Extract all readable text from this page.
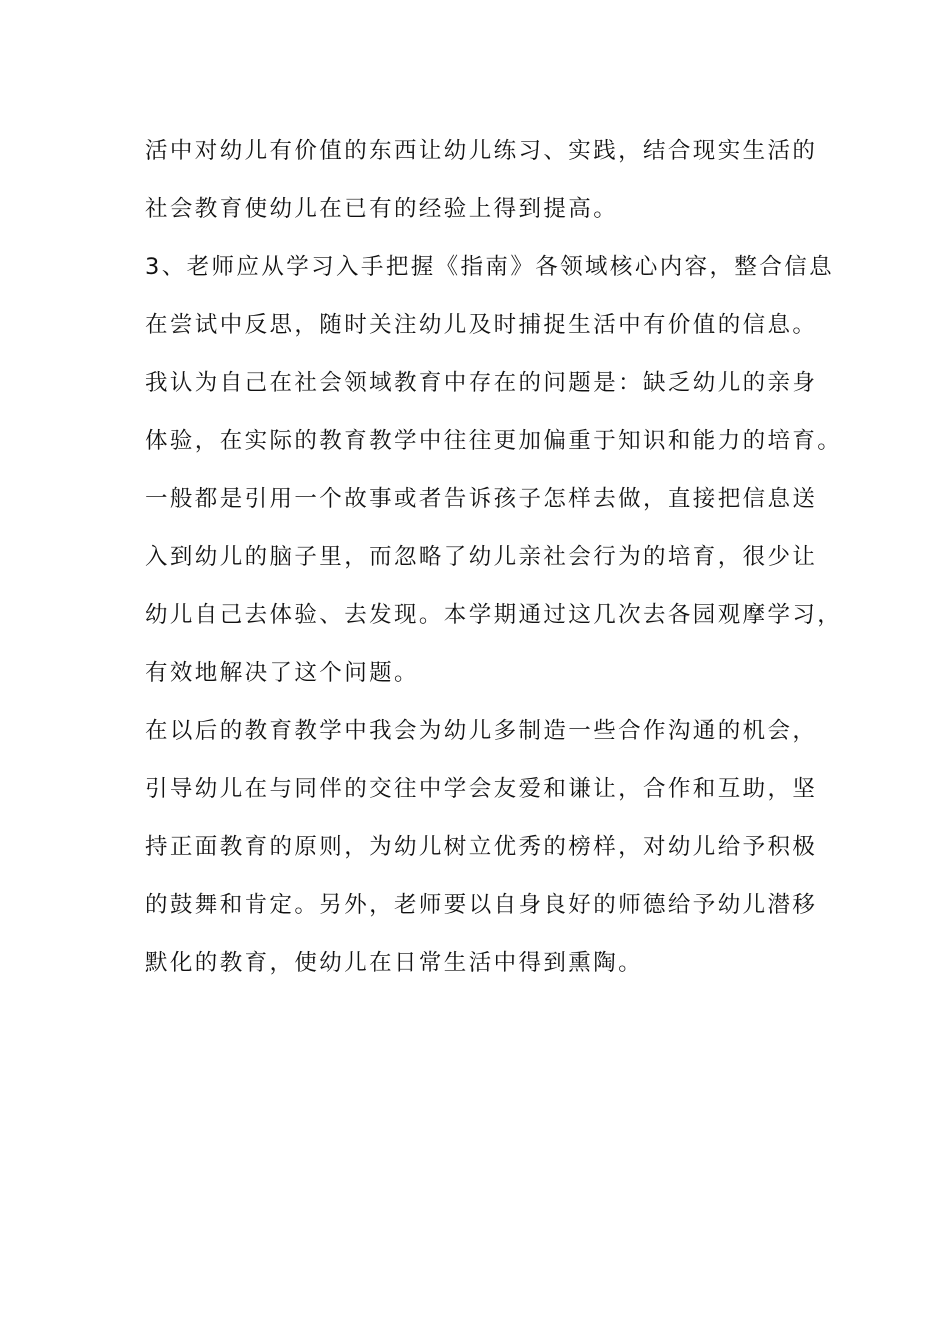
活中对幼儿有价值的东西让幼儿练习、实践，结合现实生活的
社会教育使幼儿在已有的经验上得到提高。
3、老师应从学习入手把握《指南》各领域核心内容，整合信息
在尝试中反思，随时关注幼儿及时捕捉生活中有价值的信息。
我认为自己在社会领域教育中存在的问题是：缺乏幼儿的亲身
体验，在实际的教育教学中往往更加偏重于知识和能力的培育。
一般都是引用一个故事或者告诉孩子怎样去做，直接把信息送
入到幼儿的脑子里，而忽略了幼儿亲社会行为的培育，很少让
幼儿自己去体验、去发现。本学期通过这几次去各园观摩学习，
有效地解决了这个问题。
在以后的教育教学中我会为幼儿多制造一些合作沟通的机会，
引导幼儿在与同伴的交往中学会友爱和谦让，合作和互助，坚
持正面教育的原则，为幼儿树立优秀的榜样，对幼儿给予积极
的鼓舞和肯定。另外，老师要以自身良好的师德给予幼儿潜移
默化的教育，使幼儿在日常生活中得到熏陶。
